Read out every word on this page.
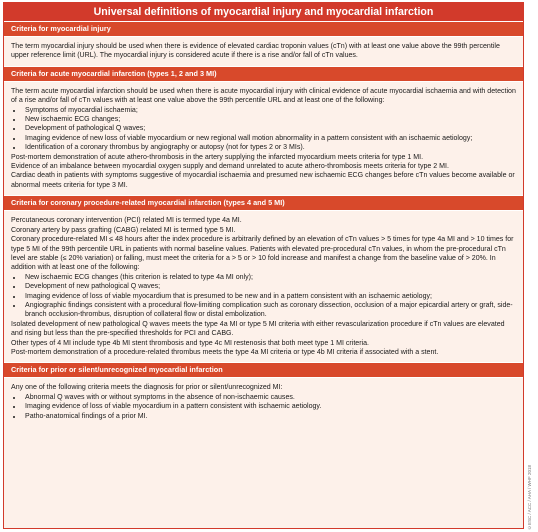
Universal definitions of myocardial injury and myocardial infarction
Criteria for myocardial injury

The term myocardial injury should be used when there is evidence of elevated cardiac troponin values (cTn) with at least one value above the 99th percentile upper reference limit (URL). The myocardial injury is considered acute if there is a rise and/or fall of cTn values.

Criteria for acute myocardial infarction (types 1, 2 and 3 MI)

The term acute myocardial infarction should be used when there is acute myocardial injury with clinical evidence of acute myocardial ischaemia and with detection of a rise and/or fall of cTn values with at least one value above the 99th percentile URL and at least one of the following:

• Symptoms of myocardial ischaemia;
• New ischaemic ECG changes;
• Development of pathological Q waves;
• Imaging evidence of new loss of viable myocardium or new regional wall motion abnormality in a pattern consistent with an ischaemic aetiology;
• Identification of a coronary thrombus by angiography or autopsy (not for types 2 or 3 MIs).

Post-mortem demonstration of acute athero-thrombosis in the artery supplying the infarcted myocardium meets criteria for type 1 MI.

Evidence of an imbalance between myocardial oxygen supply and demand unrelated to acute athero-thrombosis meets criteria for type 2 MI.

Cardiac death in patients with symptoms suggestive of myocardial ischaemia and presumed new ischaemic ECG changes before cTn values become available or abnormal meets criteria for type 3 MI.

Criteria for coronary procedure-related myocardial infarction (types 4 and 5 MI)

Percutaneous coronary intervention (PCI) related MI is termed type 4a MI.

Coronary artery by pass grafting (CABG) related MI is termed type 5 MI.

Coronary procedure-related MI ≤ 48 hours after the index procedure is arbitrarily defined by an elevation of cTn values > 5 times for type 4a MI and > 10 times for type 5 MI of the 99th percentile URL in patients with normal baseline values. Patients with elevated pre-procedural cTn values, in whom the pre-procedural cTn level are stable (≤ 20% variation) or falling, must meet the criteria for a > 5 or > 10 fold increase and manifest a change from the baseline value of > 20%. In addition with at least one of the following:

• New ischaemic ECG changes (this criterion is related to type 4a MI only);
• Development of new pathological Q waves;
• Imaging evidence of loss of viable myocardium that is presumed to be new and in a pattern consistent with an ischaemic aetiology;
• Angiographic findings consistent with a procedural flow-limiting complication such as coronary dissection, occlusion of a major epicardial artery or graft, side-branch occlusion-thrombus, disruption of collateral flow or distal embolization.

Isolated development of new pathological Q waves meets the type 4a MI or type 5 MI criteria with either revascularization procedure if cTn values are elevated and rising but less than the pre-specified thresholds for PCI and CABG.

Other types of 4 MI include type 4b MI stent thrombosis and type 4c MI restenosis that both meet type 1 MI criteria.

Post-mortem demonstration of a procedure-related thrombus meets the type 4a MI criteria or type 4b MI criteria if associated with a stent.

Criteria for prior or silent/unrecognized myocardial infarction

Any one of the following criteria meets the diagnosis for prior or silent/unrecognized MI:

• Abnormal Q waves with or without symptoms in the absence of non-ischaemic causes.
• Imaging evidence of loss of viable myocardium in a pattern consistent with ischaemic aetiology.
• Patho-anatomical findings of a prior MI.
©ESC / ACC / AHA / WHF 2018
